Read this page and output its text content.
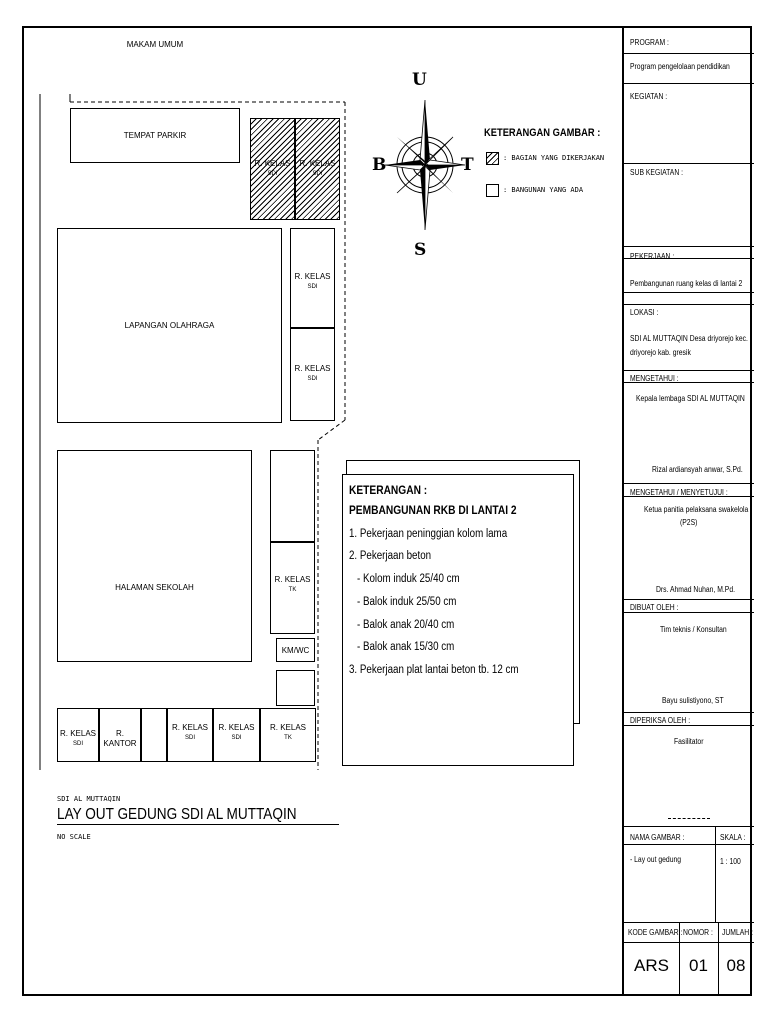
MAKAM UMUM
TEMPAT PARKIR
R. KELAS
SDI
R. KELAS
SDI
LAPANGAN OLAHRAGA
R. KELAS
SDI
R. KELAS
SDI
HALAMAN SEKOLAH
R. KELAS
TK
KM/WC
R. KELAS
SDI
R. KANTOR
R. KELAS
SDI
R. KELAS
SDI
R. KELAS
TK
U
S
B	T
KETERANGAN GAMBAR :
: BAGIAN YANG DIKERJAKAN
: BANGUNAN YANG ADA
KETERANGAN :
PEMBANGUNAN RKB DI LANTAI 2
1. Pekerjaan peninggian kolom lama
2. Pekerjaan beton
- Kolom induk 25/40 cm
- Balok induk 25/50 cm
- Balok anak 20/40 cm
- Balok anak 15/30 cm
3. Pekerjaan plat lantai beton tb. 12 cm
SDI AL MUTTAQIN
LAY OUT GEDUNG SDI AL MUTTAQIN
NO SCALE
PROGRAM :
Program pengelolaan pendidikan
KEGIATAN :
SUB KEGIATAN :
PEKERJAAN :
Pembangunan ruang kelas di lantai 2
LOKASI :
SDI AL MUTTAQIN Desa driyorejo kec.
driyorejo kab. gresik
MENGETAHUI :
Kepala lembaga SDI AL MUTTAQIN
Rizal ardiansyah anwar, S.Pd.
MENGETAHUI / MENYETUJUI :
Ketua panitia pelaksana swakelola
(P2S)
Drs. Ahmad Nuhan, M.Pd.
DIBUAT OLEH :
Tim teknis / Konsultan
Bayu sulistiyono, ST
DIPERIKSA OLEH :
Fasilitator
NAMA GAMBAR :	SKALA :
- Lay out gedung	1 : 100
KODE GAMBAR : NOMOR :	JUMLAH :
ARS	01	08
